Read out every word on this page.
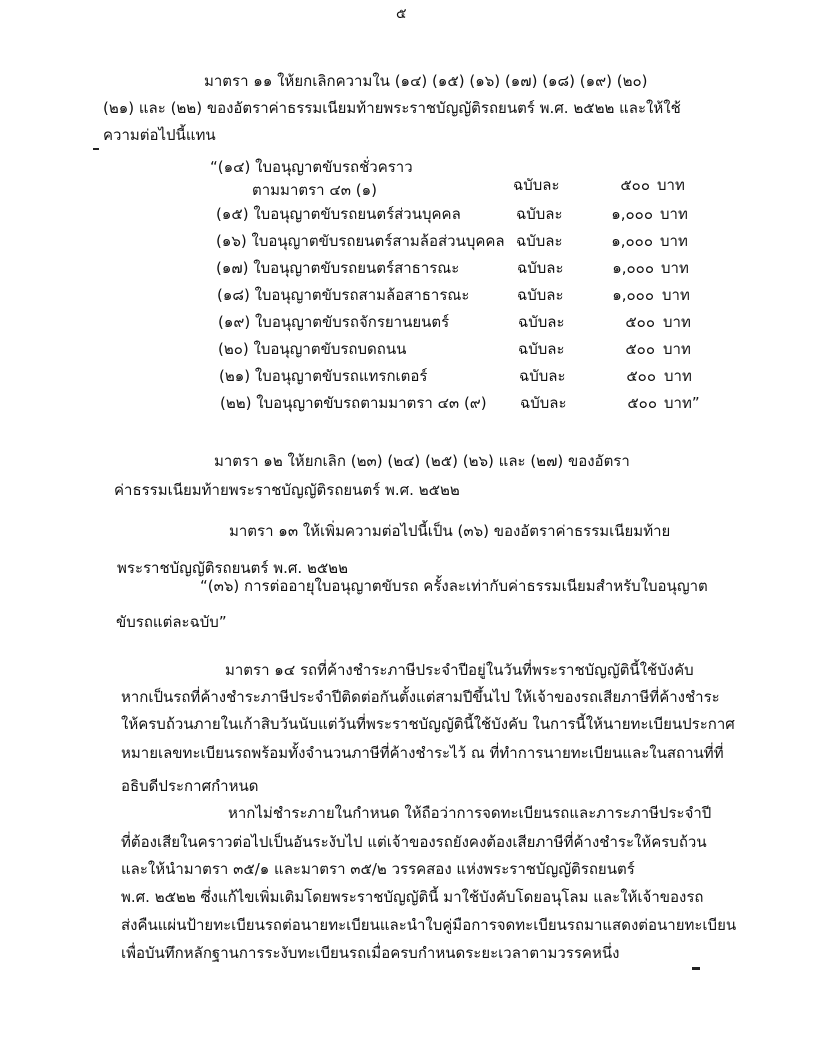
๕
มาตรา ๑๑ ให้ยกเลิกความใน (๑๔) (๑๕) (๑๖) (๑๗) (๑๘) (๑๙) (๒๐)
(๒๑) และ (๒๒) ของอัตราค่าธรรมเนียมท้ายพระราชบัญญัติรถยนตร์ พ.ศ. ๒๕๒๒ และให้ใช้
ความต่อไปนี้แทน
“(๑๔) ใบอนุญาตขับรถชั่วคราว
ตามมาตรา ๔๓ (๑)	ฉบับละ	๕๐๐ บาท
(๑๕) ใบอนุญาตขับรถยนตร์ส่วนบุคคล	ฉบับละ	๑,๐๐๐ บาท
(๑๖) ใบอนุญาตขับรถยนตร์สามล้อส่วนบุคคล ฉบับละ	๑,๐๐๐ บาท
(๑๗) ใบอนุญาตขับรถยนตร์สาธารณะ	ฉบับละ	๑,๐๐๐ บาท
(๑๘) ใบอนุญาตขับรถสามล้อสาธารณะ	ฉบับละ	๑,๐๐๐ บาท
(๑๙) ใบอนุญาตขับรถจักรยานยนตร์	ฉบับละ	๕๐๐ บาท
(๒๐) ใบอนุญาตขับรถบดถนน	ฉบับละ	๕๐๐ บาท
(๒๑) ใบอนุญาตขับรถแทรกเตอร์	ฉบับละ	๕๐๐ บาท
(๒๒) ใบอนุญาตขับรถตามมาตรา ๔๓ (๙) ฉบับละ	๕๐๐ บาท”
มาตรา ๑๒ ให้ยกเลิก (๒๓) (๒๔) (๒๕) (๒๖) และ (๒๗) ของอัตรา
ค่าธรรมเนียมท้ายพระราชบัญญัติรถยนตร์ พ.ศ. ๒๕๒๒
มาตรา ๑๓ ให้เพิ่มความต่อไปนี้เป็น (๓๖) ของอัตราค่าธรรมเนียมท้าย
พระราชบัญญัติรถยนตร์ พ.ศ. ๒๕๒๒
“(๓๖) การต่ออายุใบอนุญาตขับรถ ครั้งละเท่ากับค่าธรรมเนียมสำหรับใบอนุญาต
ขับรถแต่ละฉบับ”
มาตรา ๑๔ รถที่ค้างชำระภาษีประจำปีอยู่ในวันที่พระราชบัญญัตินี้ใช้บังคับ
หากเป็นรถที่ค้างชำระภาษีประจำปีติดต่อกันตั้งแต่สามปีขึ้นไป ให้เจ้าของรถเสียภาษีที่ค้างชำระ
ให้ครบถ้วนภายในเก้าสิบวันนับแต่วันที่พระราชบัญญัตินี้ใช้บังคับ ในการนี้ให้นายทะเบียนประกาศ
หมายเลขทะเบียนรถพร้อมทั้งจำนวนภาษีที่ค้างชำระไว้ ณ ที่ทำการนายทะเบียนและในสถานที่ที่
อธิบดีประกาศกำหนด
หากไม่ชำระภายในกำหนด ให้ถือว่าการจดทะเบียนรถและภาระภาษีประจำปี
ที่ต้องเสียในคราวต่อไปเป็นอันระงับไป แต่เจ้าของรถยังคงต้องเสียภาษีที่ค้างชำระให้ครบถ้วน
และให้นำมาตรา ๓๕/๑ และมาตรา ๓๕/๒ วรรคสอง แห่งพระราชบัญญัติรถยนตร์
พ.ศ. ๒๕๒๒ ซึ่งแก้ไขเพิ่มเติมโดยพระราชบัญญัตินี้ มาใช้บังคับโดยอนุโลม และให้เจ้าของรถ
ส่งคืนแผ่นป้ายทะเบียนรถต่อนายทะเบียนและนำใบคู่มือการจดทะเบียนรถมาแสดงต่อนายทะเบียน
เพื่อบันทึกหลักฐานการระงับทะเบียนรถเมื่อครบกำหนดระยะเวลาตามวรรคหนึ่ง
